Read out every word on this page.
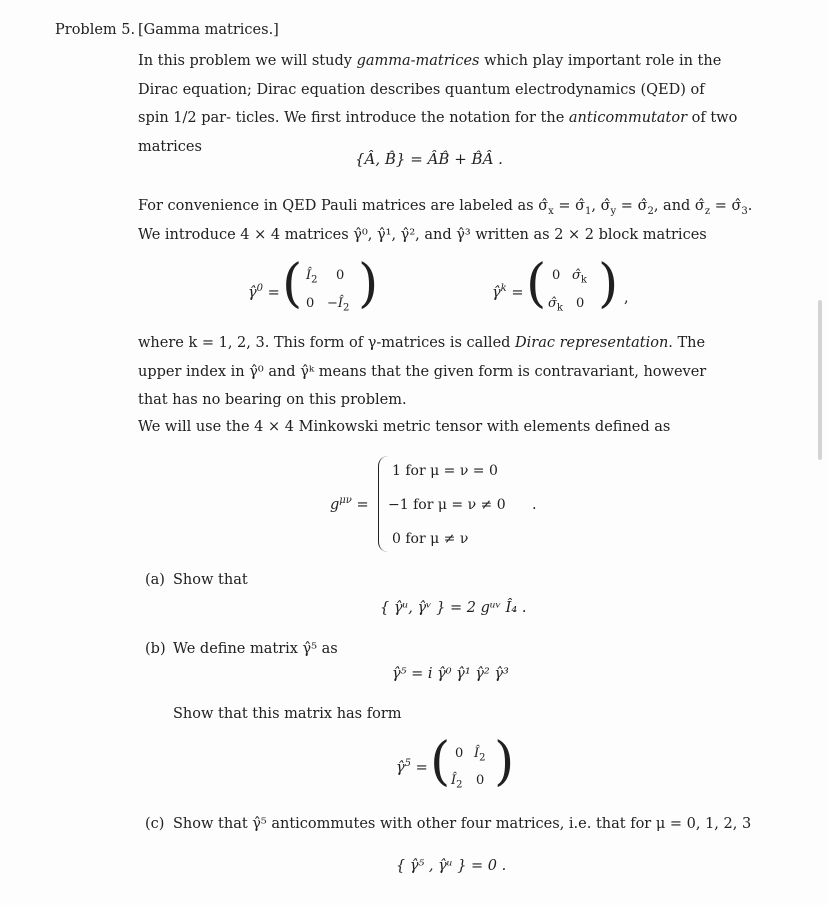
Problem 5. [Gamma matrices.]
In this problem we will study gamma-matrices which play important role in the Dirac equation; Dirac equation describes quantum electrodynamics (QED) of spin 1/2 par- ticles. We first introduce the notation for the anticommutator of two matrices
{Â, B̂} = ÂB̂ + B̂Â .
For convenience in QED Pauli matrices are labeled as $\sigmâ_x$ = $\sigmâ_1$, $\sigmâ_y$ = $\sigmâ_2$, and $\sigmâ_z$ = $\sigmâ_3$.
We introduce 4 × 4 matrices γ̂⁰, γ̂¹, γ̂², and γ̂³ written as 2 × 2 block matrices
γ̂$^0$ = ( $Î_2$ 0
$0 -Î_2$ )	γ̂$^k$ = ( 0 $\sigmâ_k$
$\sigmâ_k$ 0 ) ,
where k = 1, 2, 3. This form of γ-matrices is called Dirac representation. The upper index in γ̂⁰ and γ̂ᵏ means that the given form is contravariant, however that has no bearing on this problem.
We will use the 4 × 4 Minkowski metric tensor with elements defined as
$g^{\mu\nu}$ =
1 for μ = ν = 0
−1 for μ = ν ≠ 0
0 for μ ≠ ν
.
(a) Show that
{ γ̂ᵘ, γ̂ᵛ } = 2 gᵘᵛ Î₄ .
(b) We define matrix γ̂⁵ as
γ̂⁵ = i γ̂⁰ γ̂¹ γ̂² γ̂³
Show that this matrix has form
γ̂$^5$ = ( 0 $Î_2$
$Î_2$ 0 )
(c) Show that γ̂⁵ anticommutes with other four matrices, i.e. that for μ = 0, 1, 2, 3
{ γ̂⁵ , γ̂ᵘ } = 0 .
